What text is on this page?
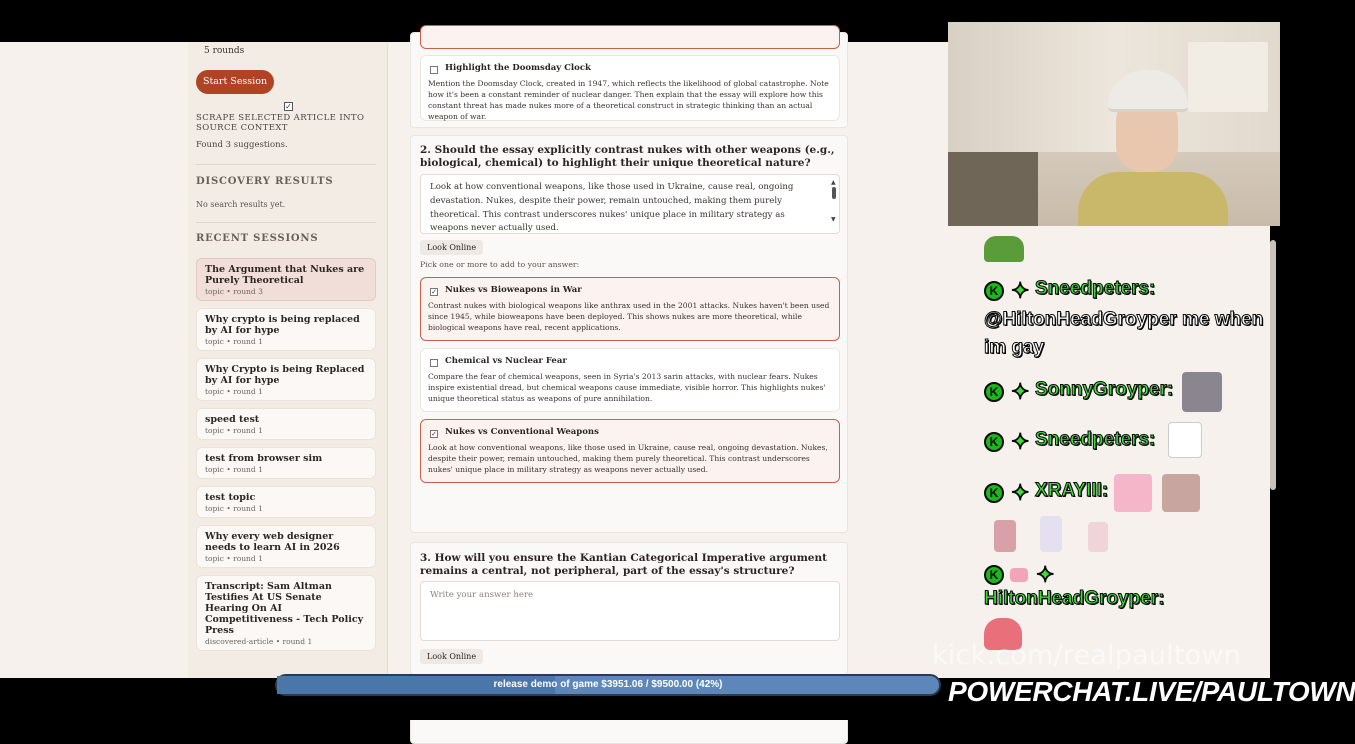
5 rounds
Start Session
✓
SCRAPE SELECTED ARTICLE INTO SOURCE CONTEXT
Found 3 suggestions.
DISCOVERY RESULTS
No search results yet.
RECENT SESSIONS
The Argument that Nukes are Purely Theoretical
topic • round 3
Why crypto is being replaced by AI for hype
topic • round 1
Why Crypto is being Replaced by AI for hype
topic • round 1
speed test
topic • round 1
test from browser sim
topic • round 1
test topic
topic • round 1
Why every web designer needs to learn AI in 2026
topic • round 1
Transcript: Sam Altman Testifies At US Senate Hearing On AI Competitiveness - Tech Policy Press
discovered-article • round 1
Highlight the Doomsday Clock
Mention the Doomsday Clock, created in 1947, which reflects the likelihood of global catastrophe. Note how it's been a constant reminder of nuclear danger. Then explain that the essay will explore how this constant threat has made nukes more of a theoretical construct in strategic thinking than an actual weapon of war.
2. Should the essay explicitly contrast nukes with other weapons (e.g., biological, chemical) to highlight their unique theoretical nature?
Look at how conventional weapons, like those used in Ukraine, cause real, ongoing devastation. Nukes, despite their power, remain untouched, making them purely theoretical. This contrast underscores nukes' unique place in military strategy as weapons never actually used.
▲
▼
Look Online
Pick one or more to add to your answer:
✓ Nukes vs Bioweapons in War
Contrast nukes with biological weapons like anthrax used in the 2001 attacks. Nukes haven't been used since 1945, while bioweapons have been deployed. This shows nukes are more theoretical, while biological weapons have real, recent applications.
Chemical vs Nuclear Fear
Compare the fear of chemical weapons, seen in Syria's 2013 sarin attacks, with nuclear fears. Nukes inspire existential dread, but chemical weapons cause immediate, visible horror. This highlights nukes' unique theoretical status as weapons of pure annihilation.
✓ Nukes vs Conventional Weapons
Look at how conventional weapons, like those used in Ukraine, cause real, ongoing devastation. Nukes, despite their power, remain untouched, making them purely theoretical. This contrast underscores nukes' unique place in military strategy as weapons never actually used.
3. How will you ensure the Kantian Categorical Imperative argument remains a central, not peripheral, part of the essay's structure?
Write your answer here
Look Online
K ✦ Sneedpeters:
@HiltonHeadGroyper me when im gay
K ✦ SonnyGroyper:
K ✦ Sneedpeters:
K ✦ XRAYIII:
K ✦
HiltonHeadGroyper:
kick.com/realpaultown
release demo of game $3951.06 / $9500.00 (42%)	POWERCHAT.LIVE/PAULTOWN
